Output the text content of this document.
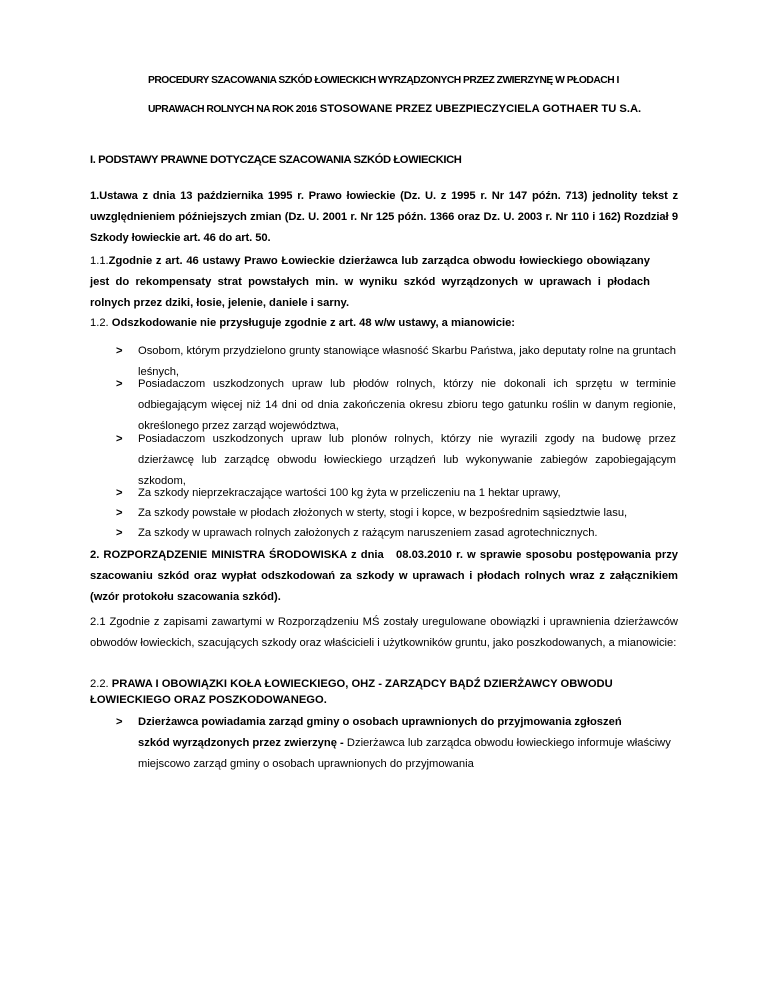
PROCEDURY SZACOWANIA SZKÓD ŁOWIECKICH WYRZĄDZONYCH PRZEZ ZWIERZYNĘ W PŁODACH I
UPRAWACH ROLNYCH NA ROK 2016 STOSOWANE PRZEZ UBEZPIECZYCIELA GOTHAER TU S.A.
I. PODSTAWY PRAWNE DOTYCZĄCE SZACOWANIA SZKÓD ŁOWIECKICH
1.Ustawa z dnia 13 października 1995 r. Prawo łowieckie (Dz. U. z 1995 r. Nr 147 późn. 713) jednolity tekst z uwzględnieniem późniejszych zmian (Dz. U. 2001 r. Nr 125 późn. 1366 oraz Dz. U. 2003 r. Nr 110 i 162) Rozdział 9 Szkody łowieckie art. 46 do art. 50.
1.1.Zgodnie z art. 46 ustawy Prawo Łowieckie dzierżawca lub zarządca obwodu łowieckiego obowiązany jest do rekompensaty strat powstałych min. w wyniku szkód wyrządzonych w uprawach i płodach rolnych przez dziki, łosie, jelenie, daniele i sarny.
1.2. Odszkodowanie nie przysługuje zgodnie z art. 48 w/w ustawy, a mianowicie:
> Osobom, którym przydzielono grunty stanowiące własność Skarbu Państwa, jako deputaty rolne na gruntach leśnych,
> Posiadaczom uszkodzonych upraw lub płodów rolnych, którzy nie dokonali ich sprzętu w terminie odbiegającym więcej niż 14 dni od dnia zakończenia okresu zbioru tego gatunku roślin w danym regionie, określonego przez zarząd województwa,
> Posiadaczom uszkodzonych upraw lub plonów rolnych, którzy nie wyrazili zgody na budowę przez dzierżawcę lub zarządcę obwodu łowieckiego urządzeń lub wykonywanie zabiegów zapobiegającym szkodom,
> Za szkody nieprzekraczające wartości 100 kg żyta w przeliczeniu na 1 hektar uprawy,
> Za szkody powstałe w płodach złożonych w sterty, stogi i kopce, w bezpośrednim sąsiedztwie lasu,
> Za szkody w uprawach rolnych założonych z rażącym naruszeniem zasad agrotechnicznych.
2. ROZPORZĄDZENIE MINISTRA ŚRODOWISKA z dnia 08.03.2010 r. w sprawie sposobu postępowania przy szacowaniu szkód oraz wypłat odszkodowań za szkody w uprawach i płodach rolnych wraz z załącznikiem (wzór protokołu szacowania szkód).
2.1 Zgodnie z zapisami zawartymi w Rozporządzeniu MŚ zostały uregulowane obowiązki i uprawnienia dzierżawców obwodów łowieckich, szacujących szkody oraz właścicieli i użytkowników gruntu, jako poszkodowanych, a mianowicie:
2.2. PRAWA I OBOWIĄZKI KOŁA ŁOWIECKIEGO, OHZ - ZARZĄDCY BĄDŹ DZIERŻAWCY OBWODU ŁOWIECKIEGO ORAZ POSZKODOWANEGO.
> Dzierżawca powiadamia zarząd gminy o osobach uprawnionych do przyjmowania zgłoszeń
szkód wyrządzonych przez zwierzynę - Dzierżawca lub zarządca obwodu łowieckiego informuje właściwy miejscowo zarząd gminy o osobach uprawnionych do przyjmowania
